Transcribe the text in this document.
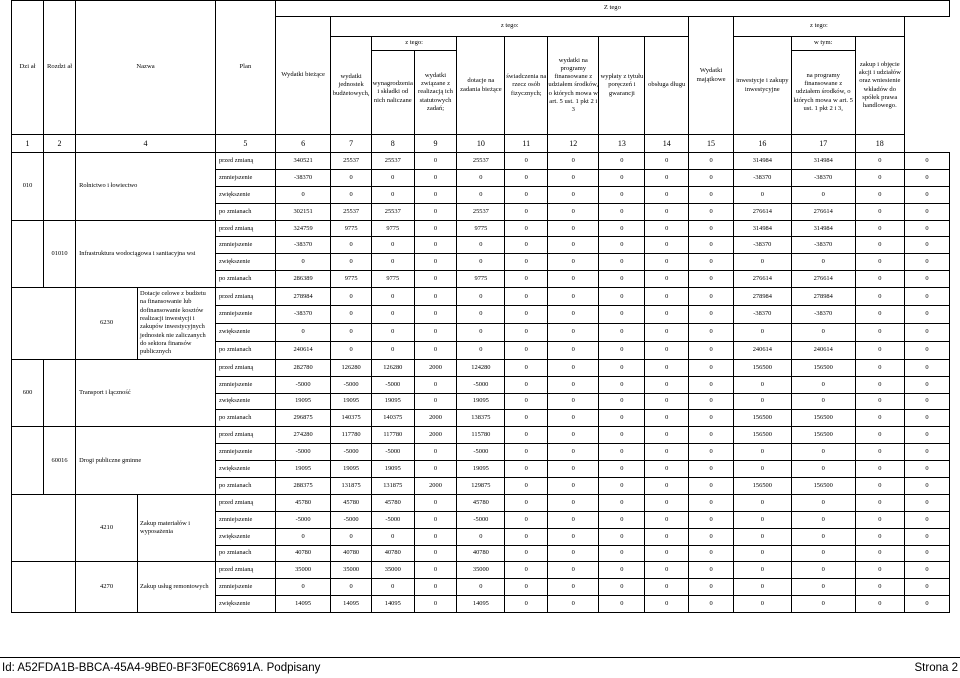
Dzi ał	Rozdzi ał	Nazwa		Plan	Z tego													
					Wydatki bieżące	z tego:								Wydatki majątkowe	z tego:			
						wydatki jednostek budżetowych,	z tego:		dotacje na zadania bieżące	świadczenia na rzecz osób fizycznych;	wydatki na programy finansowane z udziałem środków, o których mowa w art. 5 ust. 1 pkt 2 i 3	wypłaty z tytułu poręczeń i gwarancji	obsługa długu		inwestycje i zakupy inwestycyjne	w tym:	zakup i objęcie akcji i udziałów oraz wniesienie wkładów do spółek prawa handlowego.	
							wynagrodzenia i składki od nich naliczane	wydatki związane z realizacją ich statutowych zadań;								na programy finansowane z udziałem środków, o których mowa w art. 5 ust. 1 pkt 2 i 3,		
1	2	4		5	6	7	8	9	10	11	12	13	14	15	16	17	18	
010		Rolnictwo i łowiectwo		przed zmianą	340521	25537	25537	0	25537	0	0	0	0	0	314984	314984	0	0
				zmniejszenie	-38370	0	0	0	0	0	0	0	0	0	-38370	-38370	0	0
				zwiększenie	0	0	0	0	0	0	0	0	0	0	0	0	0	0
				po zmianach	302151	25537	25537	0	25537	0	0	0	0	0	276614	276614	0	0
	01010	Infrastruktura wodociągowa i sanitacyjna wsi		przed zmianą	324759	9775	9775	0	9775	0	0	0	0	0	314984	314984	0	0
				zmniejszenie	-38370	0	0	0	0	0	0	0	0	0	-38370	-38370	0	0
				zwiększenie	0	0	0	0	0	0	0	0	0	0	0	0	0	0
				po zmianach	286389	9775	9775	0	9775	0	0	0	0	0	276614	276614	0	0
		6230	Dotacje celowe z budżetu na finansowanie lub dofinansowanie kosztów realizacji inwestycji i zakupów inwestycyjnych jednostek nie zaliczanych do sektora finansów publicznych	przed zmianą	278984	0	0	0	0	0	0	0	0	0	278984	278984	0	0
				zmniejszenie	-38370	0	0	0	0	0	0	0	0	0	-38370	-38370	0	0
				zwiększenie	0	0	0	0	0	0	0	0	0	0	0	0	0	0
				po zmianach	240614	0	0	0	0	0	0	0	0	0	240614	240614	0	0
600		Transport i łączność		przed zmianą	282780	126280	126280	2000	124280	0	0	0	0	0	156500	156500	0	0
				zmniejszenie	-5000	-5000	-5000	0	-5000	0	0	0	0	0	0	0	0	0
				zwiększenie	19095	19095	19095	0	19095	0	0	0	0	0	0	0	0	0
				po zmianach	296875	140375	140375	2000	138375	0	0	0	0	0	156500	156500	0	0
	60016	Drogi publiczne gminne		przed zmianą	274280	117780	117780	2000	115780	0	0	0	0	0	156500	156500	0	0
				zmniejszenie	-5000	-5000	-5000	0	-5000	0	0	0	0	0	0	0	0	0
				zwiększenie	19095	19095	19095	0	19095	0	0	0	0	0	0	0	0	0
				po zmianach	288375	131875	131875	2000	129875	0	0	0	0	0	156500	156500	0	0
		4210	Zakup materiałów i wyposażenia	przed zmianą	45780	45780	45780	0	45780	0	0	0	0	0	0	0	0	0
				zmniejszenie	-5000	-5000	-5000	0	-5000	0	0	0	0	0	0	0	0	0
				zwiększenie	0	0	0	0	0	0	0	0	0	0	0	0	0	0
				po zmianach	40780	40780	40780	0	40780	0	0	0	0	0	0	0	0	0
		4270	Zakup usług remontowych	przed zmianą	35000	35000	35000	0	35000	0	0	0	0	0	0	0	0	0
				zmniejszenie	0	0	0	0	0	0	0	0	0	0	0	0	0	0
				zwiększenie	14095	14095	14095	0	14095	0	0	0	0	0	0	0	0	0
Id: A52FDA1B-BBCA-45A4-9BE0-BF3F0EC8691A. Podpisany	Strona 2
